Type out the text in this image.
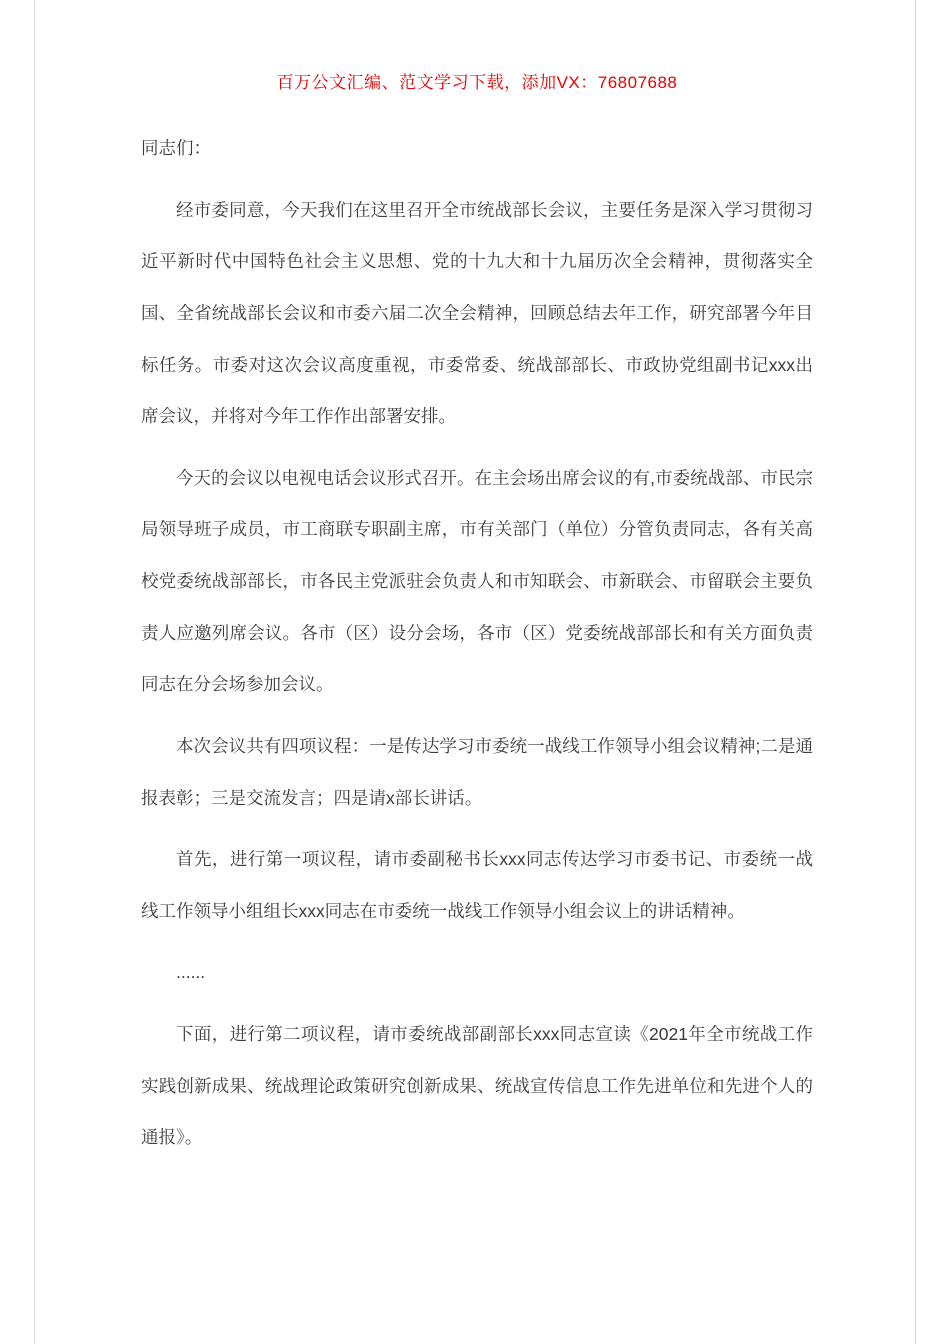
百万公文汇编、范文学习下载，添加VX：76807688

同志们：

经市委同意，今天我们在这里召开全市统战部长会议，主要任务是深入学习贯彻习近平新时代中国特色社会主义思想、党的十九大和十九届历次全会精神，贯彻落实全国、全省统战部长会议和市委六届二次全会精神，回顾总结去年工作，研究部署今年目标任务。市委对这次会议高度重视，市委常委、统战部部长、市政协党组副书记xxx出席会议，并将对今年工作作出部署安排。

今天的会议以电视电话会议形式召开。在主会场出席会议的有,市委统战部、市民宗局领导班子成员，市工商联专职副主席，市有关部门（单位）分管负责同志，各有关高校党委统战部部长，市各民主党派驻会负责人和市知联会、市新联会、市留联会主要负责人应邀列席会议。各市（区）设分会场，各市（区）党委统战部部长和有关方面负责同志在分会场参加会议。

本次会议共有四项议程：一是传达学习市委统一战线工作领导小组会议精神;二是通报表彰；三是交流发言；四是请x部长讲话。

首先，进行第一项议程，请市委副秘书长xxx同志传达学习市委书记、市委统一战线工作领导小组组长xxx同志在市委统一战线工作领导小组会议上的讲话精神。

......

下面，进行第二项议程，请市委统战部副部长xxx同志宣读《2021年全市统战工作实践创新成果、统战理论政策研究创新成果、统战宣传信息工作先进单位和先进个人的通报》。
